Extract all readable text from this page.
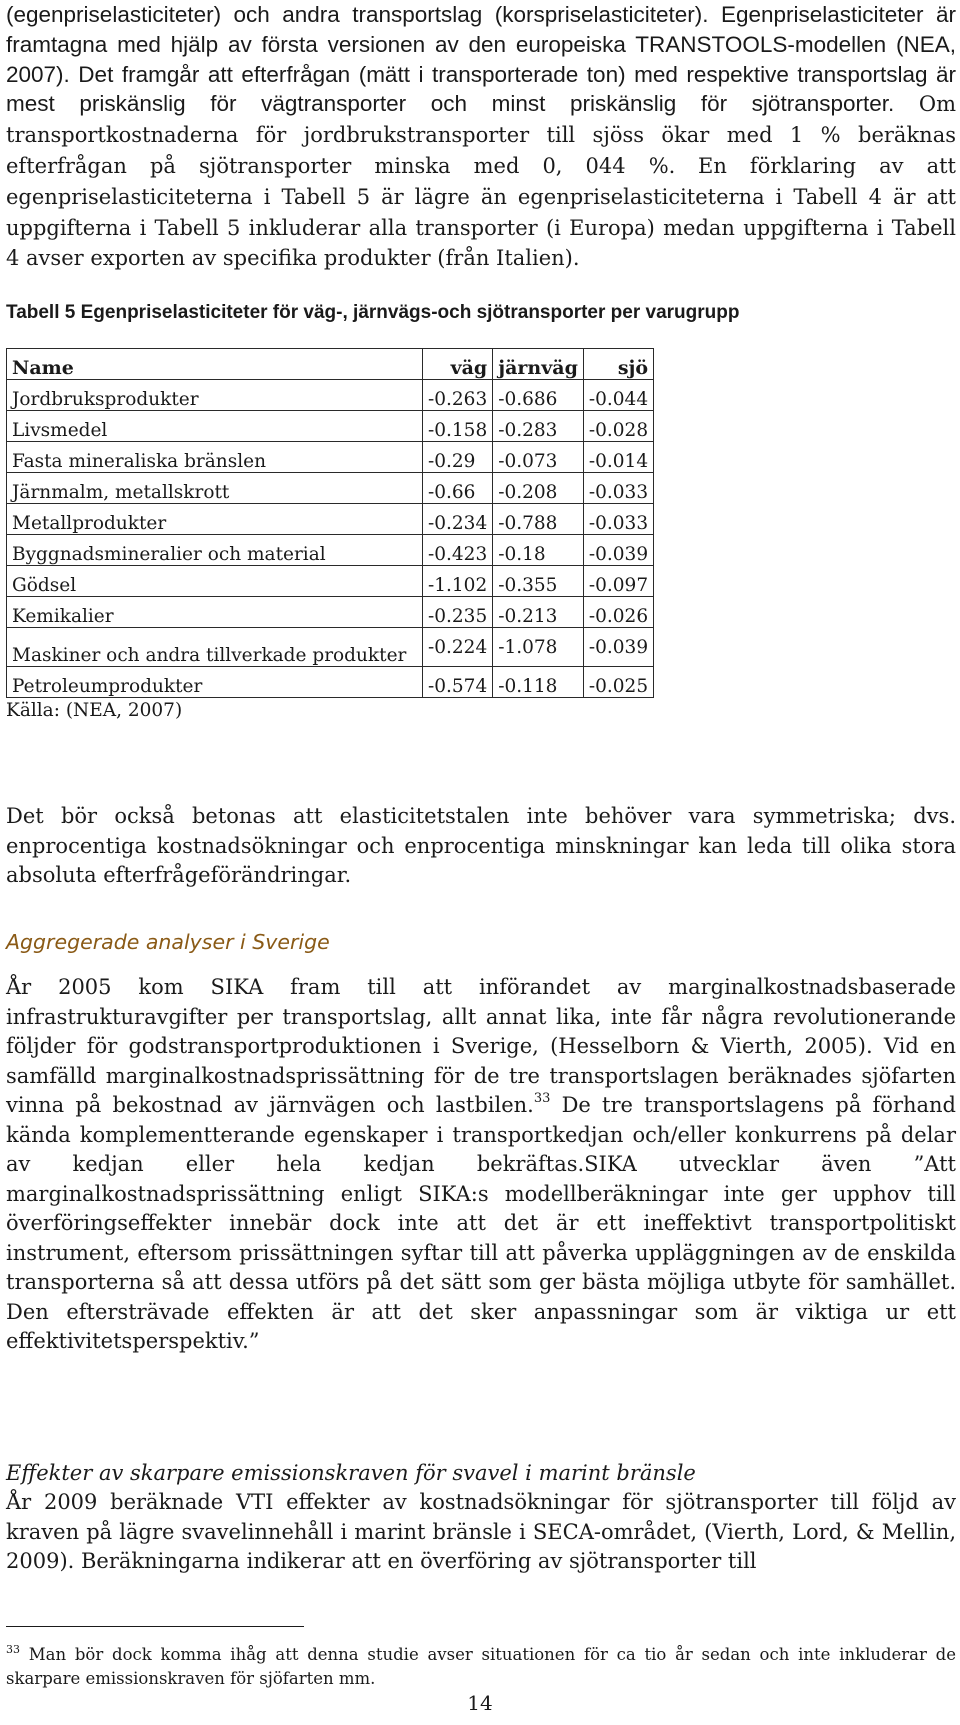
(egenpriselasticiteter) och andra transportslag (korspriselasticiteter). Egenpriselasticiteter är framtagna med hjälp av första versionen av den europeiska TRANSTOOLS-modellen (NEA, 2007). Det framgår att efterfrågan (mätt i transporterade ton) med respektive transportslag är mest priskänslig för vägtransporter och minst priskänslig för sjötransporter. Om transportkostnaderna för jordbrukstransporter till sjöss ökar med 1 % beräknas efterfrågan på sjötransporter minska med 0, 044 %. En förklaring av att egenpriselasticiteterna i Tabell 5 är lägre än egenpriselasticiteterna i Tabell 4 är att uppgifterna i Tabell 5 inkluderar alla transporter (i Europa) medan uppgifterna i Tabell 4 avser exporten av specifika produkter (från Italien).

Tabell 5 Egenpriselasticiteter för väg-, järnvägs-och sjötransporter per varugrupp

Name	väg	järnväg	sjö
Jordbruksprodukter	-0.263	-0.686	-0.044
Livsmedel	-0.158	-0.283	-0.028
Fasta mineraliska bränslen	-0.29	-0.073	-0.014
Järnmalm, metallskrott	-0.66	-0.208	-0.033
Metallprodukter	-0.234	-0.788	-0.033
Byggnadsmineralier och material	-0.423	-0.18	-0.039
Gödsel	-1.102	-0.355	-0.097
Kemikalier	-0.235	-0.213	-0.026
Maskiner och andra tillverkade produkter	-0.224	-1.078	-0.039
Petroleumprodukter	-0.574	-0.118	-0.025

Källa: (NEA, 2007)

Det bör också betonas att elasticitetstalen inte behöver vara symmetriska; dvs. enprocentiga kostnadsökningar och enprocentiga minskningar kan leda till olika stora absoluta efterfrågeförändringar.

Aggregerade analyser i Sverige

År 2005 kom SIKA fram till att införandet av marginalkostnadsbaserade infrastrukturavgifter per transportslag, allt annat lika, inte får några revolutionerande följder för godstransportproduktionen i Sverige, (Hesselborn & Vierth, 2005). Vid en samfälld marginalkostnadsprissättning för de tre transportslagen beräknades sjöfarten vinna på bekostnad av järnvägen och lastbilen.$^{33}$ De tre transportslagens på förhand kända komplementterande egenskaper i transportkedjan och/eller konkurrens på delar av kedjan eller hela kedjan bekräftas.SIKA utvecklar även ”Att marginalkostnadsprissättning enligt SIKA:s modellberäkningar inte ger upphov till överföringseffekter innebär dock inte att det är ett ineffektivt transportpolitiskt instrument, eftersom prissättningen syftar till att påverka uppläggningen av de enskilda transporterna så att dessa utförs på det sätt som ger bästa möjliga utbyte för samhället. Den eftersträvade effekten är att det sker anpassningar som är viktiga ur ett effektivitetsperspektiv.”

Effekter av skarpare emissionskraven för svavel i marint bränsle

År 2009 beräknade VTI effekter av kostnadsökningar för sjötransporter till följd av kraven på lägre svavelinnehåll i marint bränsle i SECA-området, (Vierth, Lord, & Mellin, 2009). Beräkningarna indikerar att en överföring av sjötransporter till

$^{33}$ Man bör dock komma ihåg att denna studie avser situationen för ca tio år sedan och inte inkluderar de skarpare emissionskraven för sjöfarten mm.

14
